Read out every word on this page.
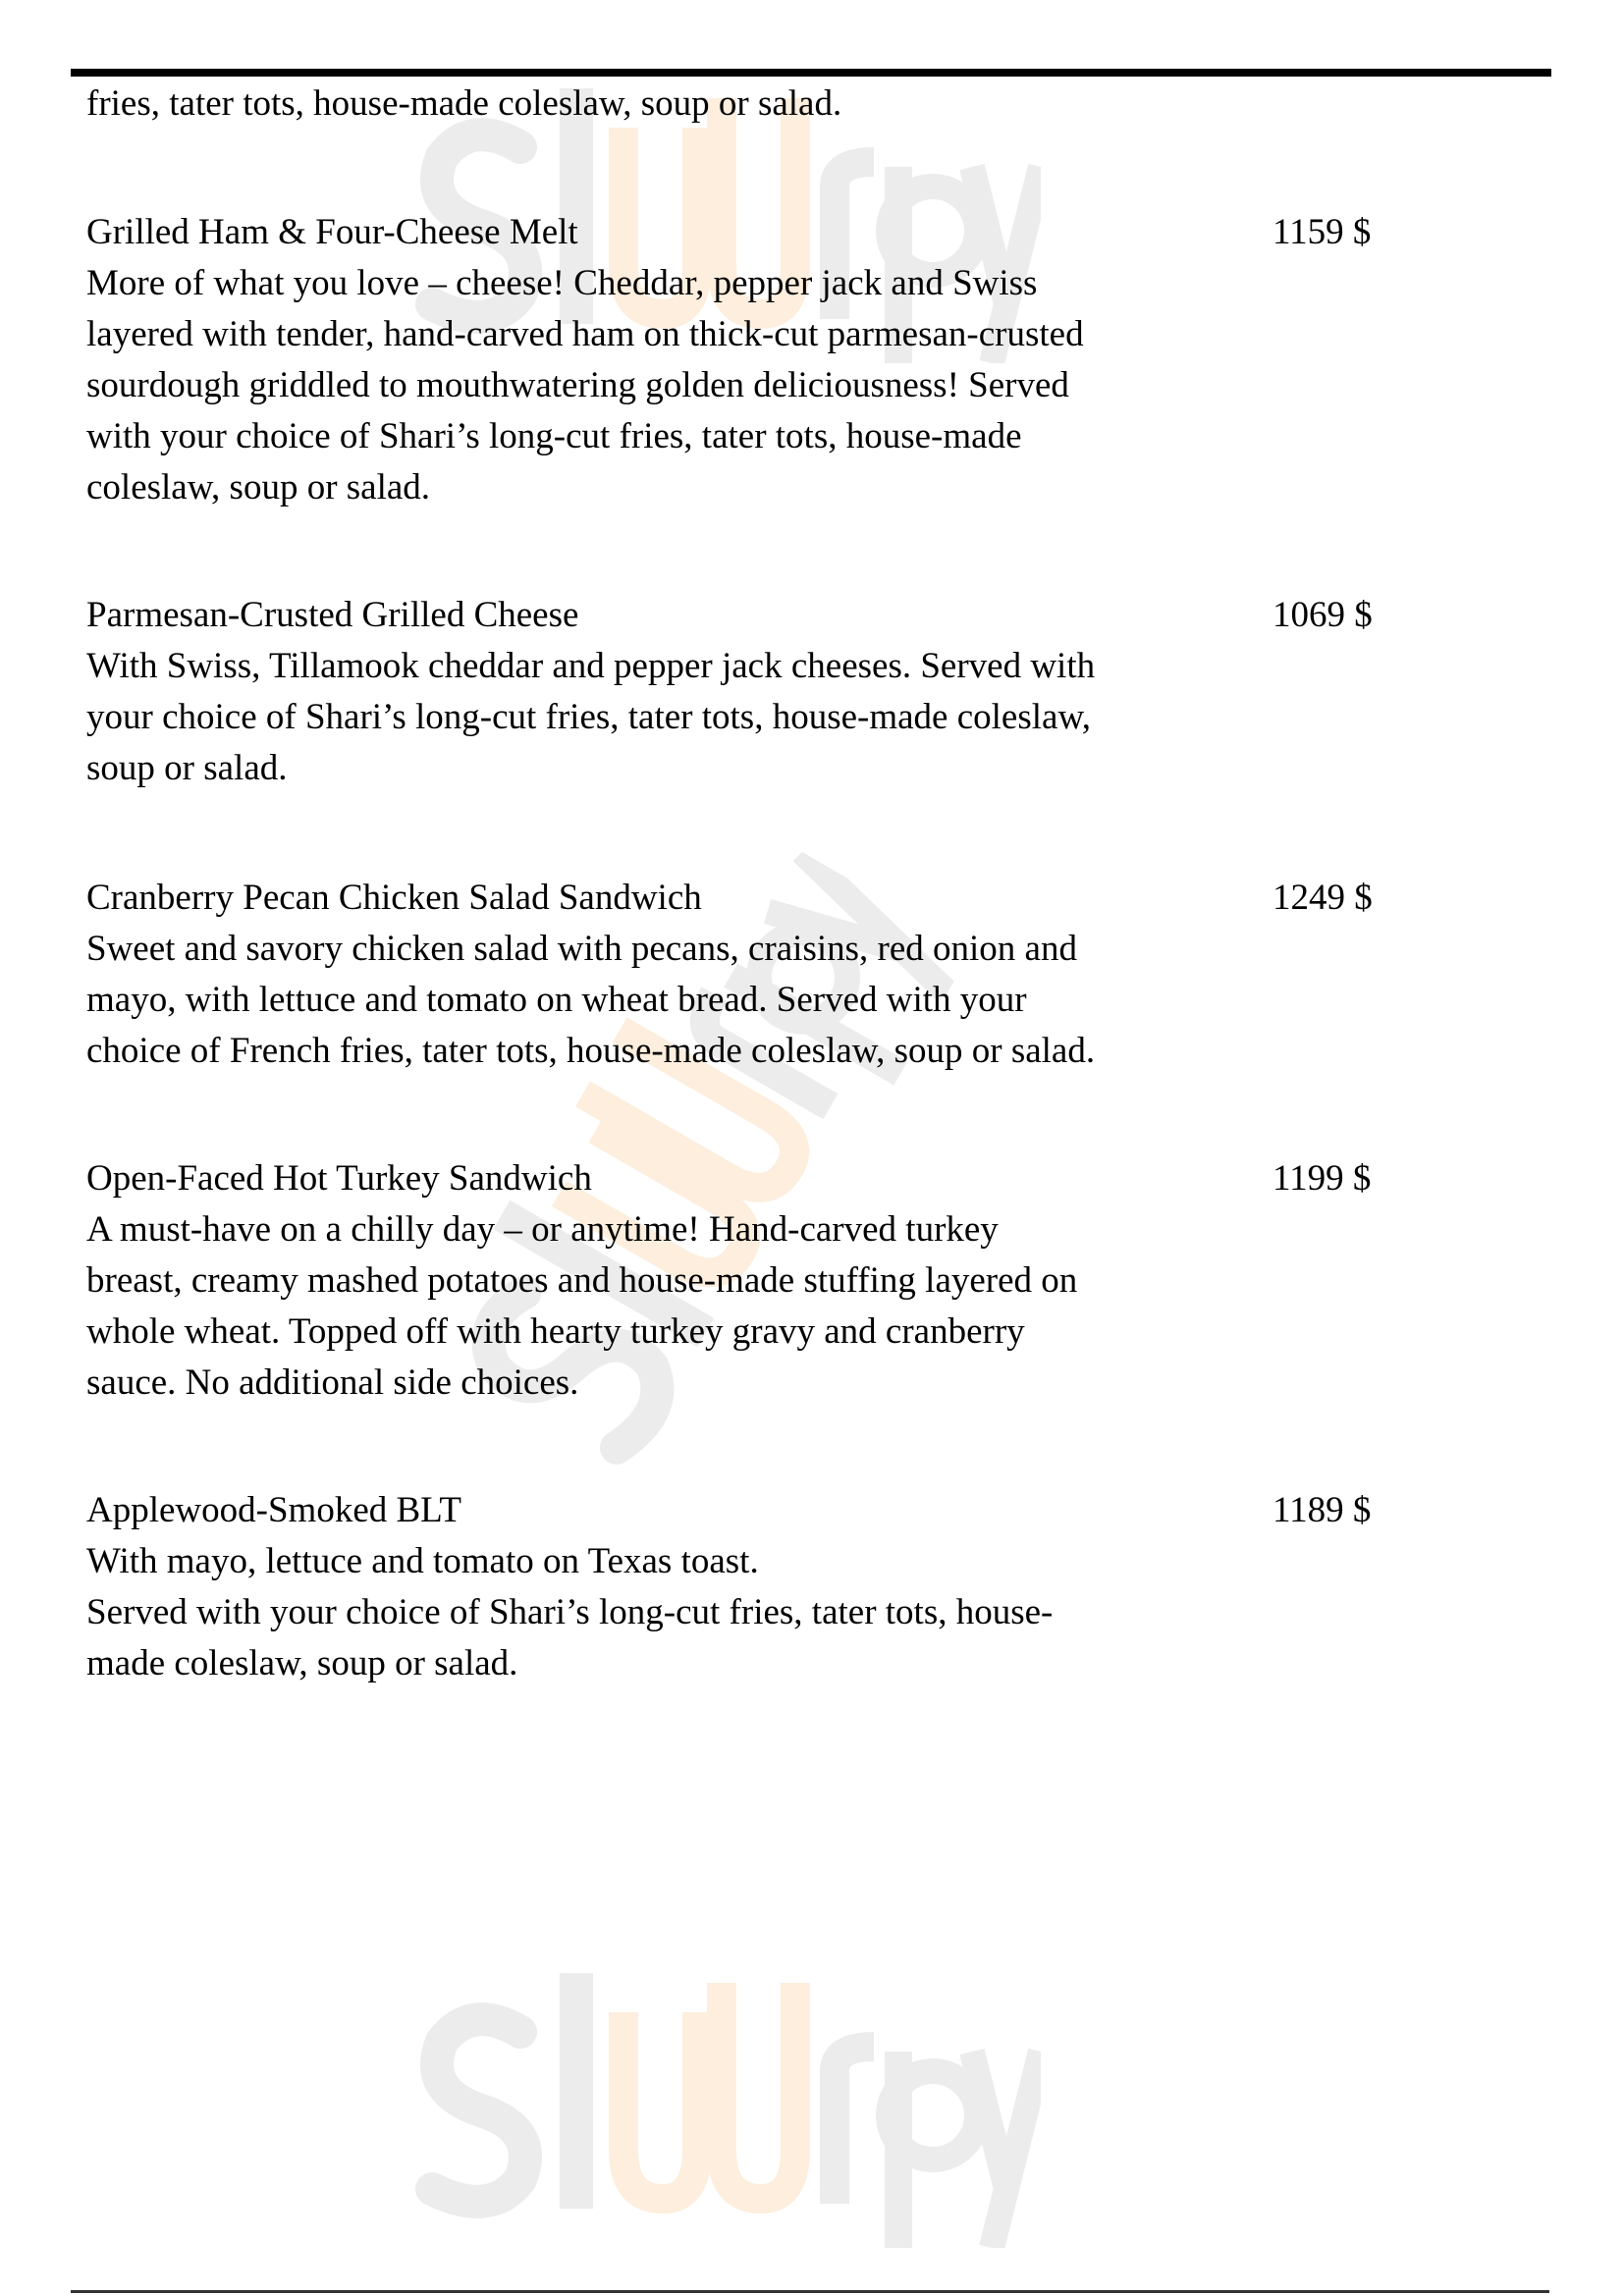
fries, tater tots, house-made coleslaw, soup or salad.
Grilled Ham & Four-Cheese Melt
More of what you love – cheese! Cheddar, pepper jack and Swiss
layered with tender, hand-carved ham on thick-cut parmesan-crusted
sourdough griddled to mouthwatering golden deliciousness! Served
with your choice of Shari’s long-cut fries, tater tots, house-made
coleslaw, soup or salad.
1159 $
Parmesan-Crusted Grilled Cheese
With Swiss, Tillamook cheddar and pepper jack cheeses. Served with
your choice of Shari’s long-cut fries, tater tots, house-made coleslaw,
soup or salad.
1069 $
Cranberry Pecan Chicken Salad Sandwich
Sweet and savory chicken salad with pecans, craisins, red onion and
mayo, with lettuce and tomato on wheat bread. Served with your
choice of French fries, tater tots, house-made coleslaw, soup or salad.
1249 $
Open-Faced Hot Turkey Sandwich
A must-have on a chilly day – or anytime! Hand-carved turkey
breast, creamy mashed potatoes and house-made stuffing layered on
whole wheat. Topped off with hearty turkey gravy and cranberry
sauce. No additional side choices.
1199 $
Applewood-Smoked BLT
With mayo, lettuce and tomato on Texas toast.
Served with your choice of Shari’s long-cut fries, tater tots, house-
made coleslaw, soup or salad.
1189 $
